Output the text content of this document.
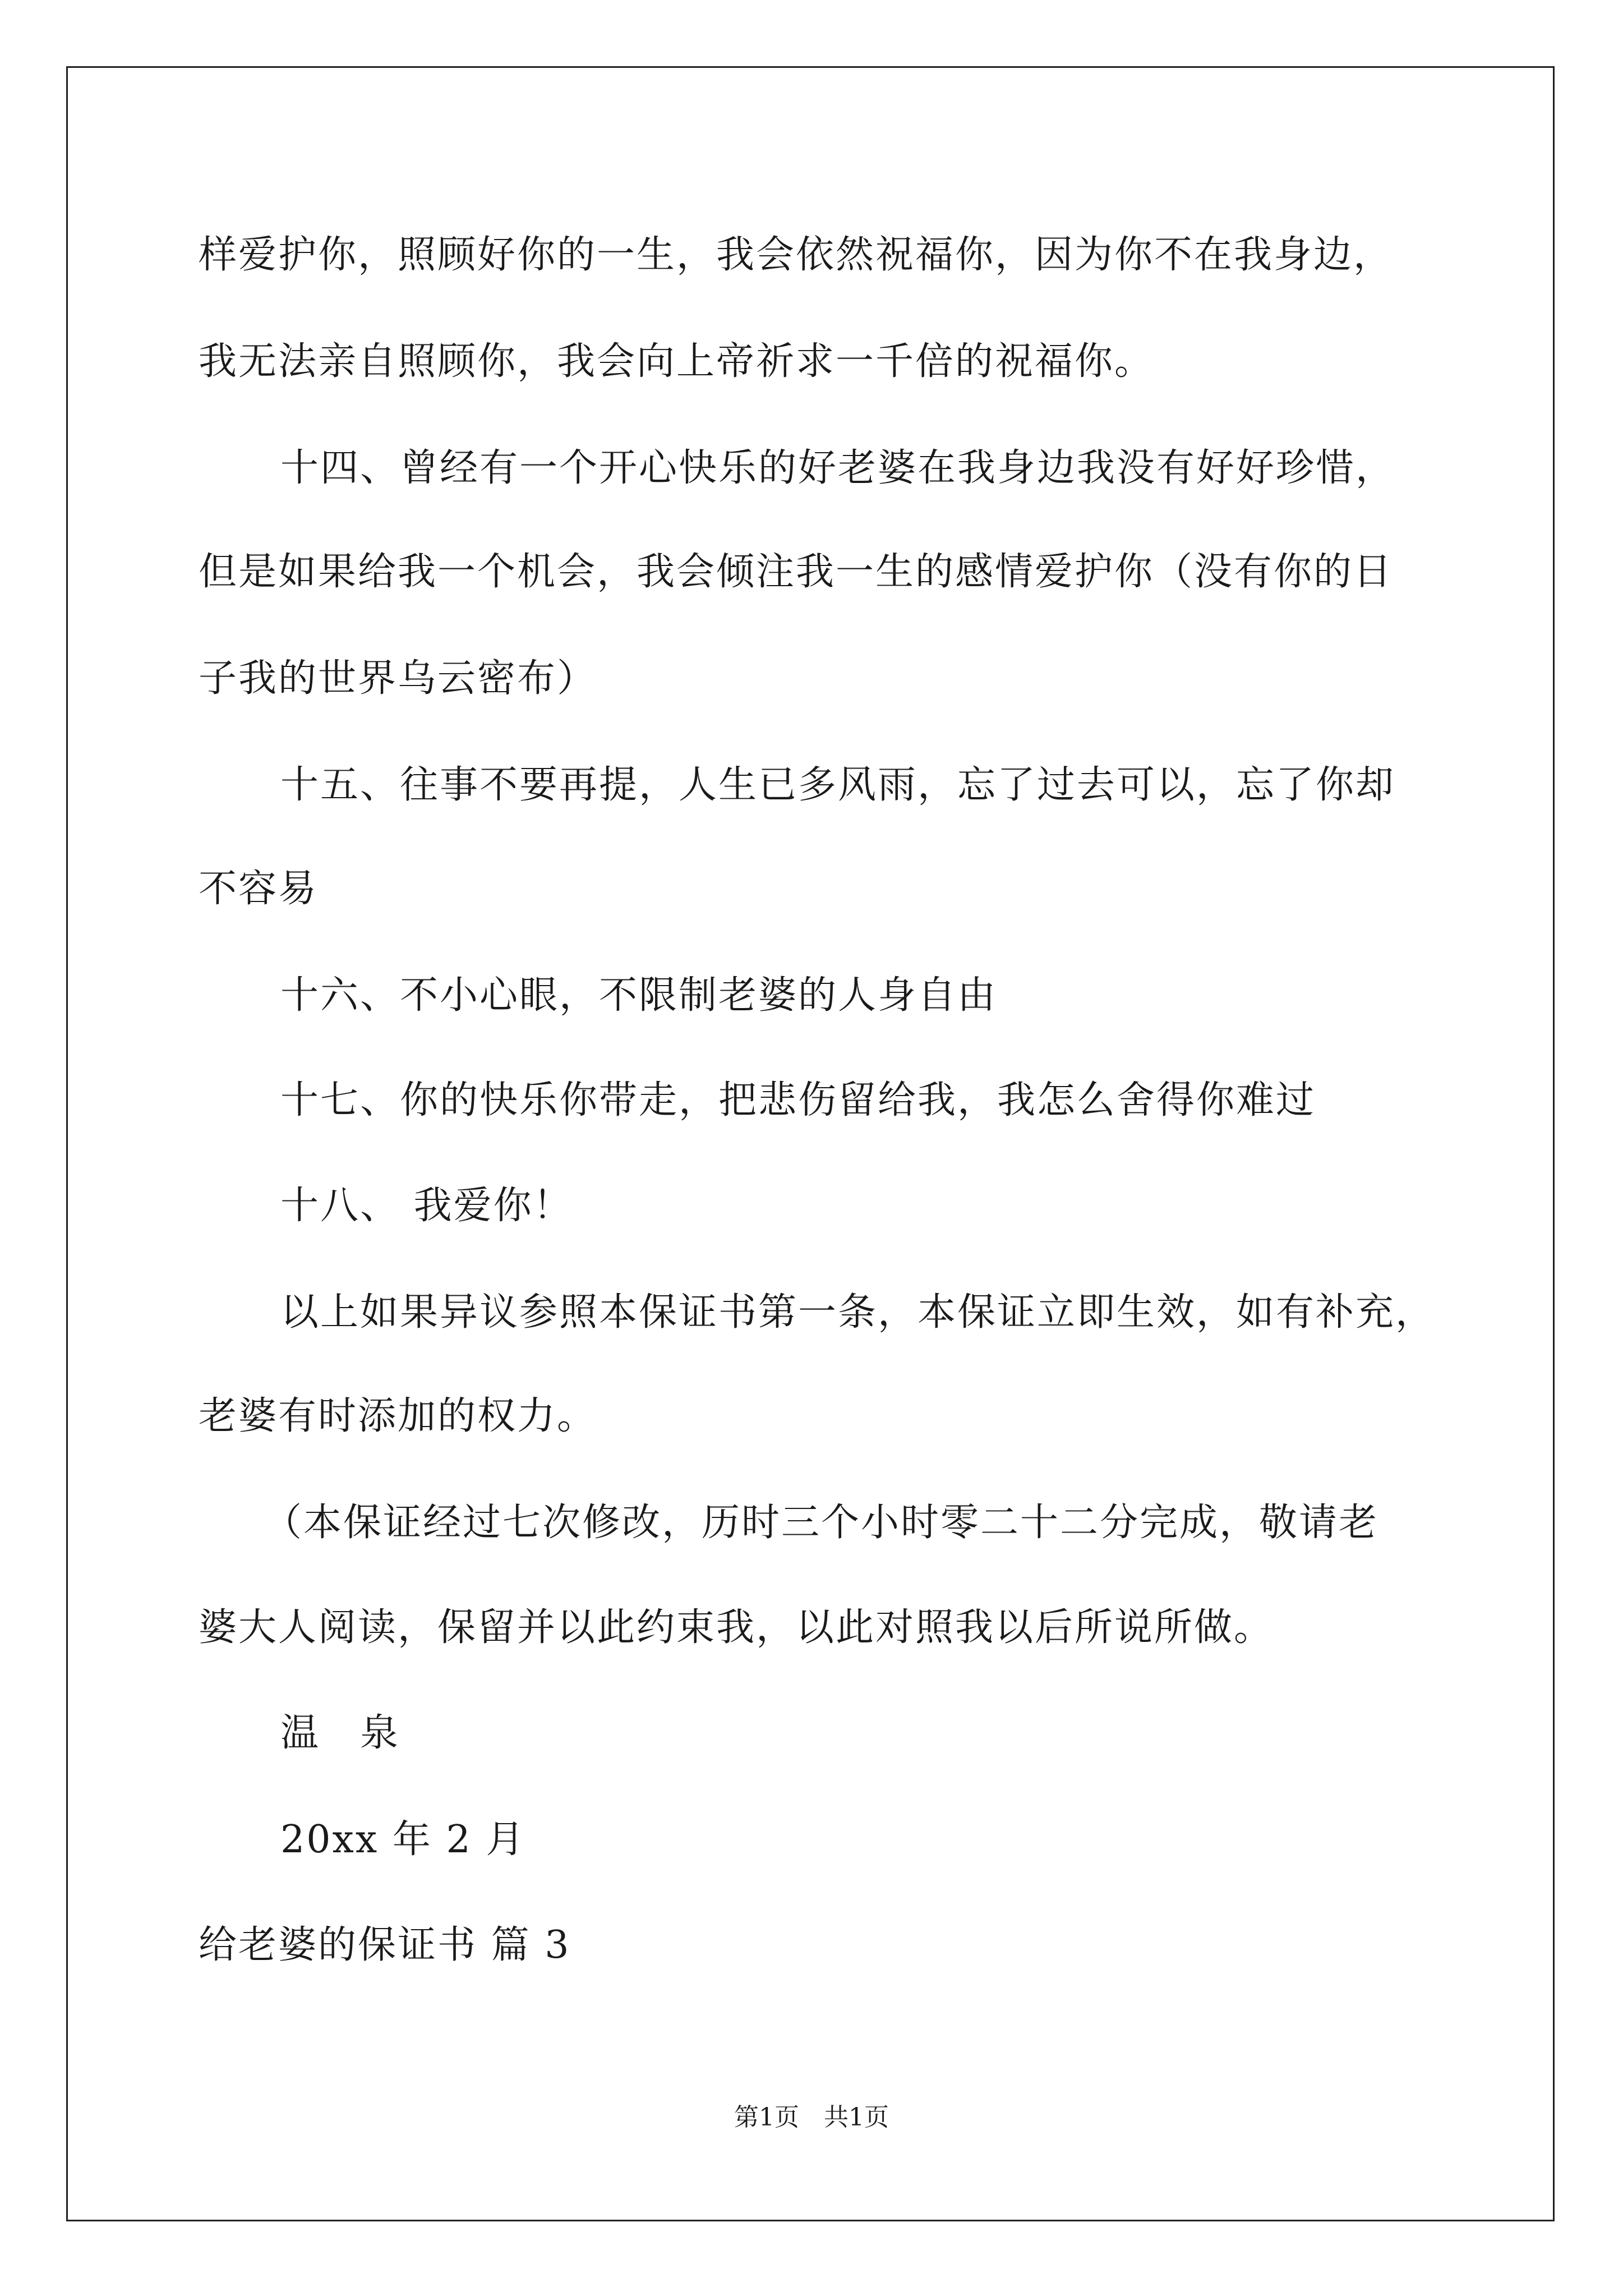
样爱护你，照顾好你的一生，我会依然祝福你，因为你不在我身边，
我无法亲自照顾你，我会向上帝祈求一千倍的祝福你。
十四、曾经有一个开心快乐的好老婆在我身边我没有好好珍惜，
但是如果给我一个机会，我会倾注我一生的感情爱护你（没有你的日
子我的世界乌云密布）
十五、往事不要再提，人生已多风雨，忘了过去可以，忘了你却
不容易
十六、不小心眼，不限制老婆的人身自由
十七、你的快乐你带走，把悲伤留给我，我怎么舍得你难过
十八、 我爱你！
以上如果异议参照本保证书第一条，本保证立即生效，如有补充，
老婆有时添加的权力。
（本保证经过七次修改，历时三个小时零二十二分完成，敬请老
婆大人阅读，保留并以此约束我，以此对照我以后所说所做。
温　泉
20xx 年 2 月
给老婆的保证书 篇 3
第1页　共1页
